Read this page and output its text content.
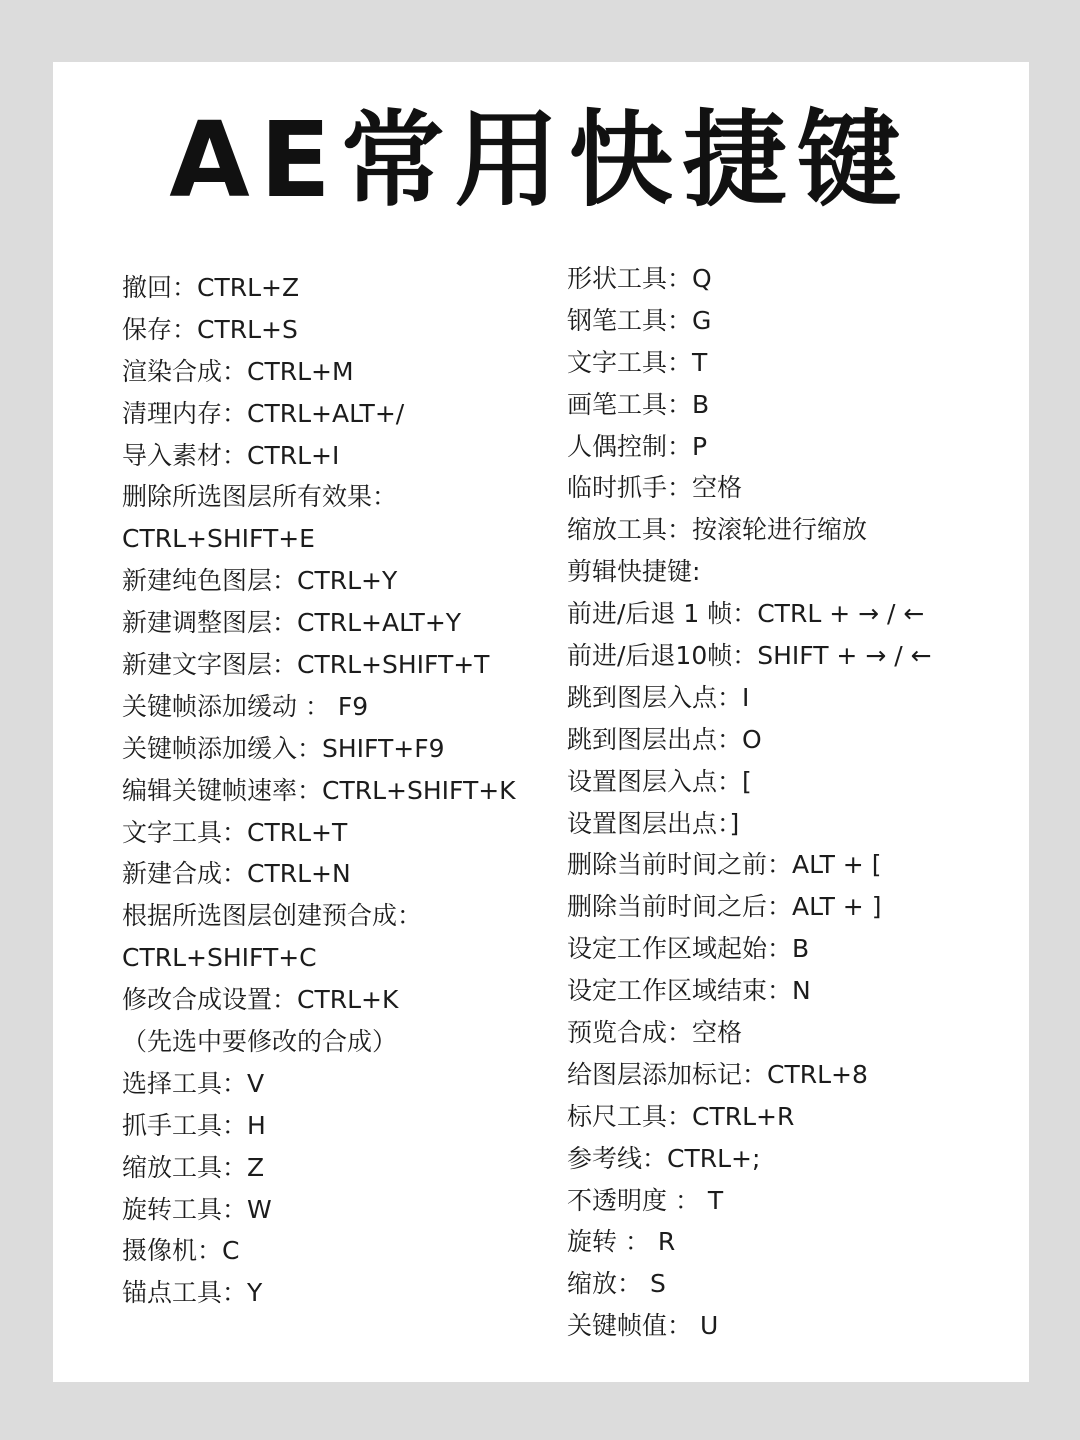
AE常用快捷键
撤回：CTRL+Z
保存：CTRL+S
渲染合成：CTRL+M
清理内存：CTRL+ALT+/
导入素材：CTRL+I
删除所选图层所有效果：
CTRL+SHIFT+E
新建纯色图层：CTRL+Y
新建调整图层：CTRL+ALT+Y
新建文字图层：CTRL+SHIFT+T
关键帧添加缓动 ： F9
关键帧添加缓入：SHIFT+F9
编辑关键帧速率：CTRL+SHIFT+K
文字工具：CTRL+T
新建合成：CTRL+N
根据所选图层创建预合成：
CTRL+SHIFT+C
修改合成设置：CTRL+K
（先选中要修改的合成）
选择工具：V
抓手工具：H
缩放工具：Z
旋转工具：W
摄像机：C
锚点工具：Y
形状工具：Q
钢笔工具：G
文字工具：T
画笔工具：B
人偶控制：P
临时抓手：空格
缩放工具：按滚轮进行缩放
剪辑快捷键:
前进/后退 1 帧：CTRL + → / ←
前进/后退10帧：SHIFT + → / ←
跳到图层入点：I
跳到图层出点：O
设置图层入点：[
设置图层出点：]
删除当前时间之前：ALT + [
删除当前时间之后：ALT + ]
设定工作区域起始：B
设定工作区域结束：N
预览合成：空格
给图层添加标记：CTRL+8
标尺工具：CTRL+R
参考线：CTRL+;
不透明度 ： T
旋转 ： R
缩放： S
关键帧值： U
